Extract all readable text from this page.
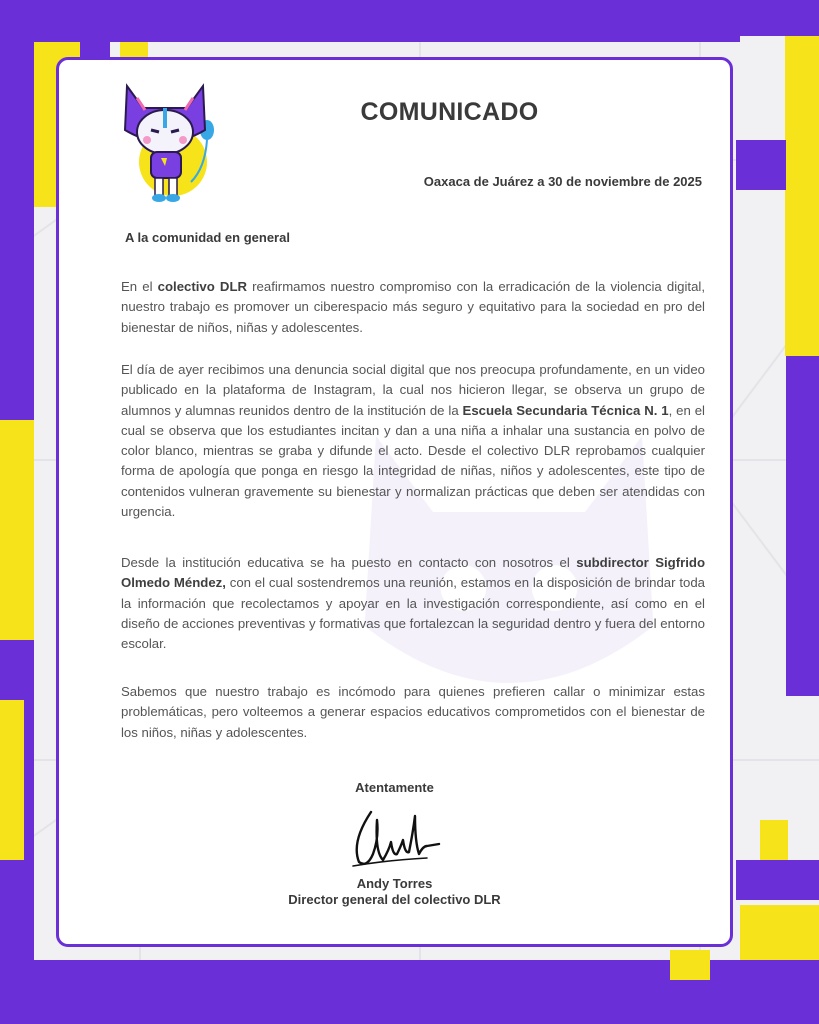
COMUNICADO
Oaxaca de Juárez a 30 de noviembre de 2025
A la comunidad en general
En el colectivo DLR reafirmamos nuestro compromiso con la erradicación de la violencia digital, nuestro trabajo es promover un ciberespacio más seguro y equitativo para la sociedad en pro del bienestar de niños, niñas y adolescentes.
El día de ayer recibimos una denuncia social digital que nos preocupa profundamente, en un video publicado en la plataforma de Instagram, la cual nos hicieron llegar, se observa un grupo de alumnos y alumnas reunidos dentro de la institución de la Escuela Secundaria Técnica N. 1, en el cual se observa que los estudiantes incitan y dan a una niña a inhalar una sustancia en polvo de color blanco, mientras se graba y difunde el acto. Desde el colectivo DLR reprobamos cualquier forma de apología que ponga en riesgo la integridad de niñas, niños y adolescentes, este tipo de contenidos vulneran gravemente su bienestar y normalizan prácticas que deben ser atendidas con urgencia.
Desde la institución educativa se ha puesto en contacto con nosotros el subdirector Sigfrido Olmedo Méndez, con el cual sostendremos una reunión, estamos en la disposición de brindar toda la información que recolectamos y apoyar en la investigación correspondiente, así como en el diseño de acciones preventivas y formativas que fortalezcan la seguridad dentro y fuera del entorno escolar.
Sabemos que nuestro trabajo es incómodo para quienes prefieren callar o minimizar estas problemáticas, pero volteemos a generar espacios educativos comprometidos con el bienestar de los niños, niñas y adolescentes.
Atentamente
Andy Torres
Director general del colectivo DLR
